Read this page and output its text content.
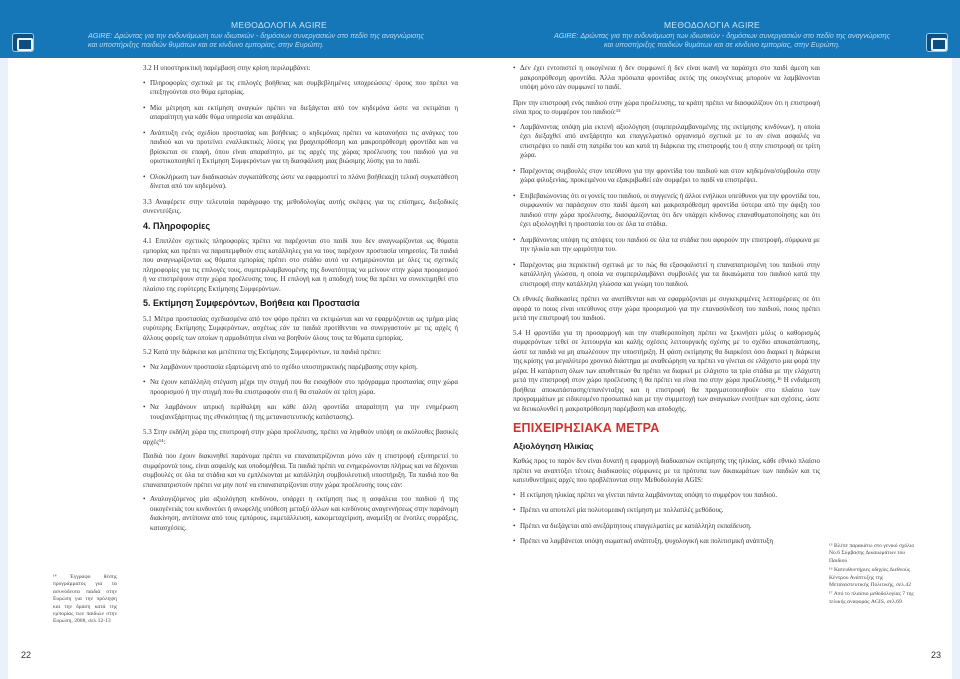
ΜΕΘΟΔΟΛΟΓΙΑ AGIRE
AGIRE: Δρώντας για την ενδυνάμωση των ιδιωτικών - δημόσιων συνεργασιών στο πεδίο της αναγνώρισης
και υποστήριξης παιδιών θυμάτων και σε κίνδυνο εμπορίας, στην Ευρώπη.
¹⁴ Έγγραφο θέσης προγράμματος για τα ασυνόδευτα παιδιά στην Ευρώπη για την πρόληψη και την δράση κατά της εμπορίας των παιδιών στην Ευρώπη, 2008, σελ.12-13
22

3.2 Η υποστηρικτική παρέμβαση στην κρίση περιλαμβάνει:

• Πληροφορίες σχετικά με τις επιλογές βοήθειας και συμβεβλημένες υποχρεώσεις/ όρους που πρέπει να επεξηγούνται στο θύμα εμπορίας.
• Μία μέτρηση και εκτίμηση αναγκών πρέπει να διεξάγεται από τον κηδεμόνα ώστε να εκτιμάται η απαραίτητη για κάθε θύμα υπηρεσία και ασφάλεια.
• Ανάπτυξη ενός σχεδίου προστασίας και βοήθειας: ο κηδεμόνας πρέπει να κατανοήσει τις ανάγκες του παιδιού και να προτείνει εναλλακτικές λύσεις για βραχυπρόθεσμη και μακροπρόθεσμη φροντίδα και να βρίσκεται σε επαφή, όπου είναι απαραίτητο, με τις αρχές της χώρας προέλευσης του παιδιού για να οριστικοποιηθεί η Εκτίμηση Συμφερόντων για τη διασφάλιση μιας βιώσιμης λύσης για το παιδί.
• Ολοκλήρωση των διαδικασιών συγκατάθεσης ώστε να εφαρμοστεί το πλάνο βοήθειας(η τελική συγκατάθεση δίνεται από τον κηδεμόνα).

3.3 Αναφέρετε στην τελευταία παράγραφο της μεθοδολογίας αυτής σκέψεις για τις επίσημες, διεξοδικές συνεντεύξεις.

4. Πληροφορίες

4.1 Επιπλέον σχετικές πληροφορίες πρέπει να παρέχονται στο παιδί που δεν αναγνωρίζονται ως θύματα εμπορίας και πρέπει να παραπεμφθούν στις κατάλληλες για να τους παρέχουν προστασία υπηρεσίες. Τα παιδιά που αναγνωρίζονται ως θύματα εμπορίας πρέπει στο στάδιο αυτό να ενημερώνονται με όλες τις σχετικές πληροφορίες για τις επιλογές τους, συμπεριλαμβανομένης της δυνατότητας να μείνουν στην χώρα προορισμού ή να επιστρέψουν στην χώρα προέλευσης τους. Η επιλογή και η αποδοχή τους θα πρέπει να συνεκτιμηθεί στο πλαίσιο της ευρύτερης Εκτίμησης Συμφερόντων.

5. Εκτίμηση Συμφερόντων, Βοήθεια και Προστασία

5.1 Μέτρα προστασίας σχεδιασμένα από τον φόρο πρέπει να εκτιμώνται και να εφαρμόζονται ως τμήμα μίας ευρύτερης Εκτίμησης Συμφερόντων, ασχέτως εάν τα παιδιά προτίθενται να συνεργαστούν με τις αρχές ή άλλους φορείς των οποίων η αρμοδιότητα είναι να βοηθούν όλους τους τα θύματα εμπορίας.

5.2 Κατά την διάρκεια και μετέπειτα της Εκτίμησης Συμφερόντων, τα παιδιά πρέπει:

• Να λαμβάνουν προστασία εξαρτώμενη από το σχέδιο υποστηρικτικής παρέμβασης στην κρίση.
• Να έχουν κατάλληλη στέγαση μέχρι την στιγμή που θα εισαχθούν στο πρόγραμμα προστασίας στην χώρα προορισμού ή την στιγμή που θα επιστραφούν στο ή θα σταλούν σε τρίτη χώρα.
• Να λαμβάνουν ιατρική περίθαλψη και κάθε άλλη φροντίδα απαραίτητη για την ενημέρωση τους(ανεξάρτητως της εθνικότητας ή της μεταναστευτικής κατάστασης).

5.3 Στην εκδήλη χώρα της επιστροφή στην χώρα προέλευσης, πρέπει να ληφθούν υπόψη οι ακόλουθες βασικές αρχές¹⁴:

Παιδιά που έχουν διακινηθεί παράνομα πρέπει να επαναπατρίζονται μόνο εάν η επιστροφή εξυπηρετεί το συμφέροντά τους, είναι ασφαλής και υποδομήθεια. Τα παιδιά πρέπει να ενημερώνονται πλήρως και να δέχονται συμβουλές σε όλα τα στάδια και να εμπλέκονται με κατάλληλη συμβουλευτική υποστήριξη. Τα παιδιά που θα επαναπατριστούν πρέπει να μην ποτέ να επαναπατρίζονται στην χώρα προέλευσης τους εάν:

• Αναλογιζόμενος μία αξιολόγηση κινδύνου, υπάρχει η εκτίμηση πως η ασφάλεια του παιδιού ή της οικογένειάς του κινδυνεύει ή ανωφελής υπόθεση μεταξύ άλλων και κινδύνους αναγεννήσεως στην παράνομη διακίνηση, αντίποινα από τους εμπόρους, εκμετάλλευση, κακομεταχείριση, αναμείξη σε ένοπλες συρράξεις, κατασχέσεις.
ΜΕΘΟΔΟΛΟΓΙΑ AGIRE
AGIRE: Δρώντας για την ενδυνάμωση των ιδιωτικών - δημόσιων συνεργασιών στο πεδίο της αναγνώρισης
και υποστήριξης παιδιών θυμάτων και σε κίνδυνο εμπορίας, στην Ευρώπη.
23
• Δεν έχει εντοπιστεί η οικογένεια ή δεν συμφωνεί ή δεν είναι ικανή να παράσχει στο παιδί άμεση και μακροπρόθεσμη φροντίδα. Άλλα πρόσωπα φροντίδας εκτός της οικογένειας μπορούν να λαμβάνονται υπόψη μόνο εάν συμφωνεί το παιδί.

Πριν την επιστροφή ενός παιδιού στην χώρα προέλευσης, τα κράτη πρέπει να διασφαλίζουν ότι η επιστροφή είναι προς το συμφέρον του παιδιού:¹⁵

• Λαμβάνοντας υπόψη μία εκτενή αξιολόγηση (συμπεριλαμβανομένης της εκτίμησης κινδύνων), η οποία έχει διεξαχθεί από ανεξάρτητο και επαγγελματικό οργανισμό σχετικά με το αν είναι ασφαλές να επιστρέψει το παιδί στη πατρίδα του και κατά τη διάρκεια της επιστροφής του ή στην επιστροφή σε τρίτη χώρα.
• Παρέχοντας συμβουλές στον υπεύθυνο για την φροντίδα του παιδιού και στον κηδεμόνα/σύμβουλο στην χώρα φιλοξενίας, προκειμένου να εξακριβωθεί εάν συμφέρει το παιδί να επιστρέψει.
• Επιβεβαιώνοντας ότι οι γονείς του παιδιού, οι συγγενείς ή άλλοι ενήλικοι υπεύθυνοι για την φροντίδα του, συμφωνούν να παράσχουν στο παιδί άμεση και μακροπρόθεσμη φροντίδα ύστερα από την άφιξη του παιδιού στην χώρα προέλευσης, διασφαλίζοντας ότι δεν υπάρχει κίνδυνος επαναθυματοποίησης και ότι έχει αξιολογηθεί η προστασία του σε όλα τα στάδια.
• Λαμβάνοντας υπόψη τις απόψεις του παιδιού σε όλα τα στάδια που αφορούν την επιστροφή, σύμφωνα με την ηλικία και την ωριμότητα του.
• Παρέχοντας μια περιεκτική σχετικά με το πώς θα εξασφαλιστεί η επαναπατρισμένη του παιδιού στην κατάλληλη γλώσσα, η οποία να συμπεριλαμβάνει συμβουλές για τα δικαιώματα του παιδιού κατά την επιστροφή στην κατάλληλη γλώσσα και γνώμη του παιδιού.

Οι εθνικές διαδικασίες πρέπει να ανατίθενται και να εφαρμόζονται με συγκεκριμένες λεπτομέρειες σε ότι αφορά το ποιος είναι υπεύθυνος στην χώρα προορισμού για την επανασύνδεση του παιδιού, ποιος πρέπει μετά την επιστροφή του παιδιού.

5.4 Η φροντίδα για τη προσαρμογή και την σταθεροποίηση πρέπει να ξεκινήσει μόλις ο καθορισμός συμφερόντων τεθεί σε λειτουργία και καλής σχέσεις λειτουργικής σχέσης με το σχέδιο αποκατάστασης, ώστε τα παιδιά να μη απωλέσουν την υποστήριξη. Η φάση εκτίμησης θα διαρκέσει όσο διαρκεί η διάρκεια της κρίσης για μεγαλύτερο χρονικό διάστημα με αναθεώρηση να πρέπει να γίνεται σε ελάχιστο μια φορά την μέρα. Η κατάρτιση όλων των αποθετικών θα πρέπει να διαρκεί με ελάχιστο τα τρία στάδια με την ελάχιστη μετά την επιστροφή στον χώρο προέλευσης ή θα πρέπει να είναι πιο στην χώρα προέλευσης.¹⁶ Η ενδιάμεση βοήθεια αποκατάστασης/επανένταξης και η επιστροφή θα πραγματοποιηθούν στο πλαίσιο των προγραμμάτων με ειδικευμένο προσωπικό και με την συμμετοχή των αναγκαίων ενοτήτων και σχέσεις, ώστε να διευκολυνθεί η μακροπρόθεσμη παρέμβαση και αποδοχής.

ΕΠΙΧΕΙΡΗΣΙΑΚΑ ΜΕΤΡΑ
Αξιολόγηση Ηλικίας

Καθώς προς το παρόν δεν είναι δυνατή η εφαρμογή διαδικασιών εκτίμησης της ηλικίας, κάθε εθνικό πλαίσιο πρέπει να αναπτύξει τέτοιες διαδικασίες σύμφωνες με τα πρότυπα των δικαιωμάτων των παιδιών και τις κατευθυντήριες αρχές που προβλέπονται στην Μεθοδολογία AGIS:

• Η εκτίμηση ηλικίας πρέπει να γίνεται πάντα λαμβάνοντας υπόψη το συμφέρον του παιδιού.
• Πρέπει να αποτελεί μία πολυτομεακή εκτίμηση με πολλαπλές μεθόδους.
• Πρέπει να διεξάγεται από ανεξάρτητους επαγγελματίες με κατάλληλη εκπαίδευση.
• Πρέπει να λαμβάνεται υπόψη σωματική ανάπτυξη, ψυχολογική και πολιτισμική ανάπτυξη

¹⁵ Βλέπε παρακάτω στο γενικό σχόλιο Νο.6 Σύμβασης Δικαιωμάτων του Παιδιού

¹⁶ Κατευθυντήριες οδηγίες Διεθνούς Κέντρου Ανάπτυξης της Μεταναστευτικής Πολιτικής, σελ.42

¹⁷ Από το πλαίσιο μεθοδολογίας 7 της τελικής αναφοράς AGIS, σελ.69
